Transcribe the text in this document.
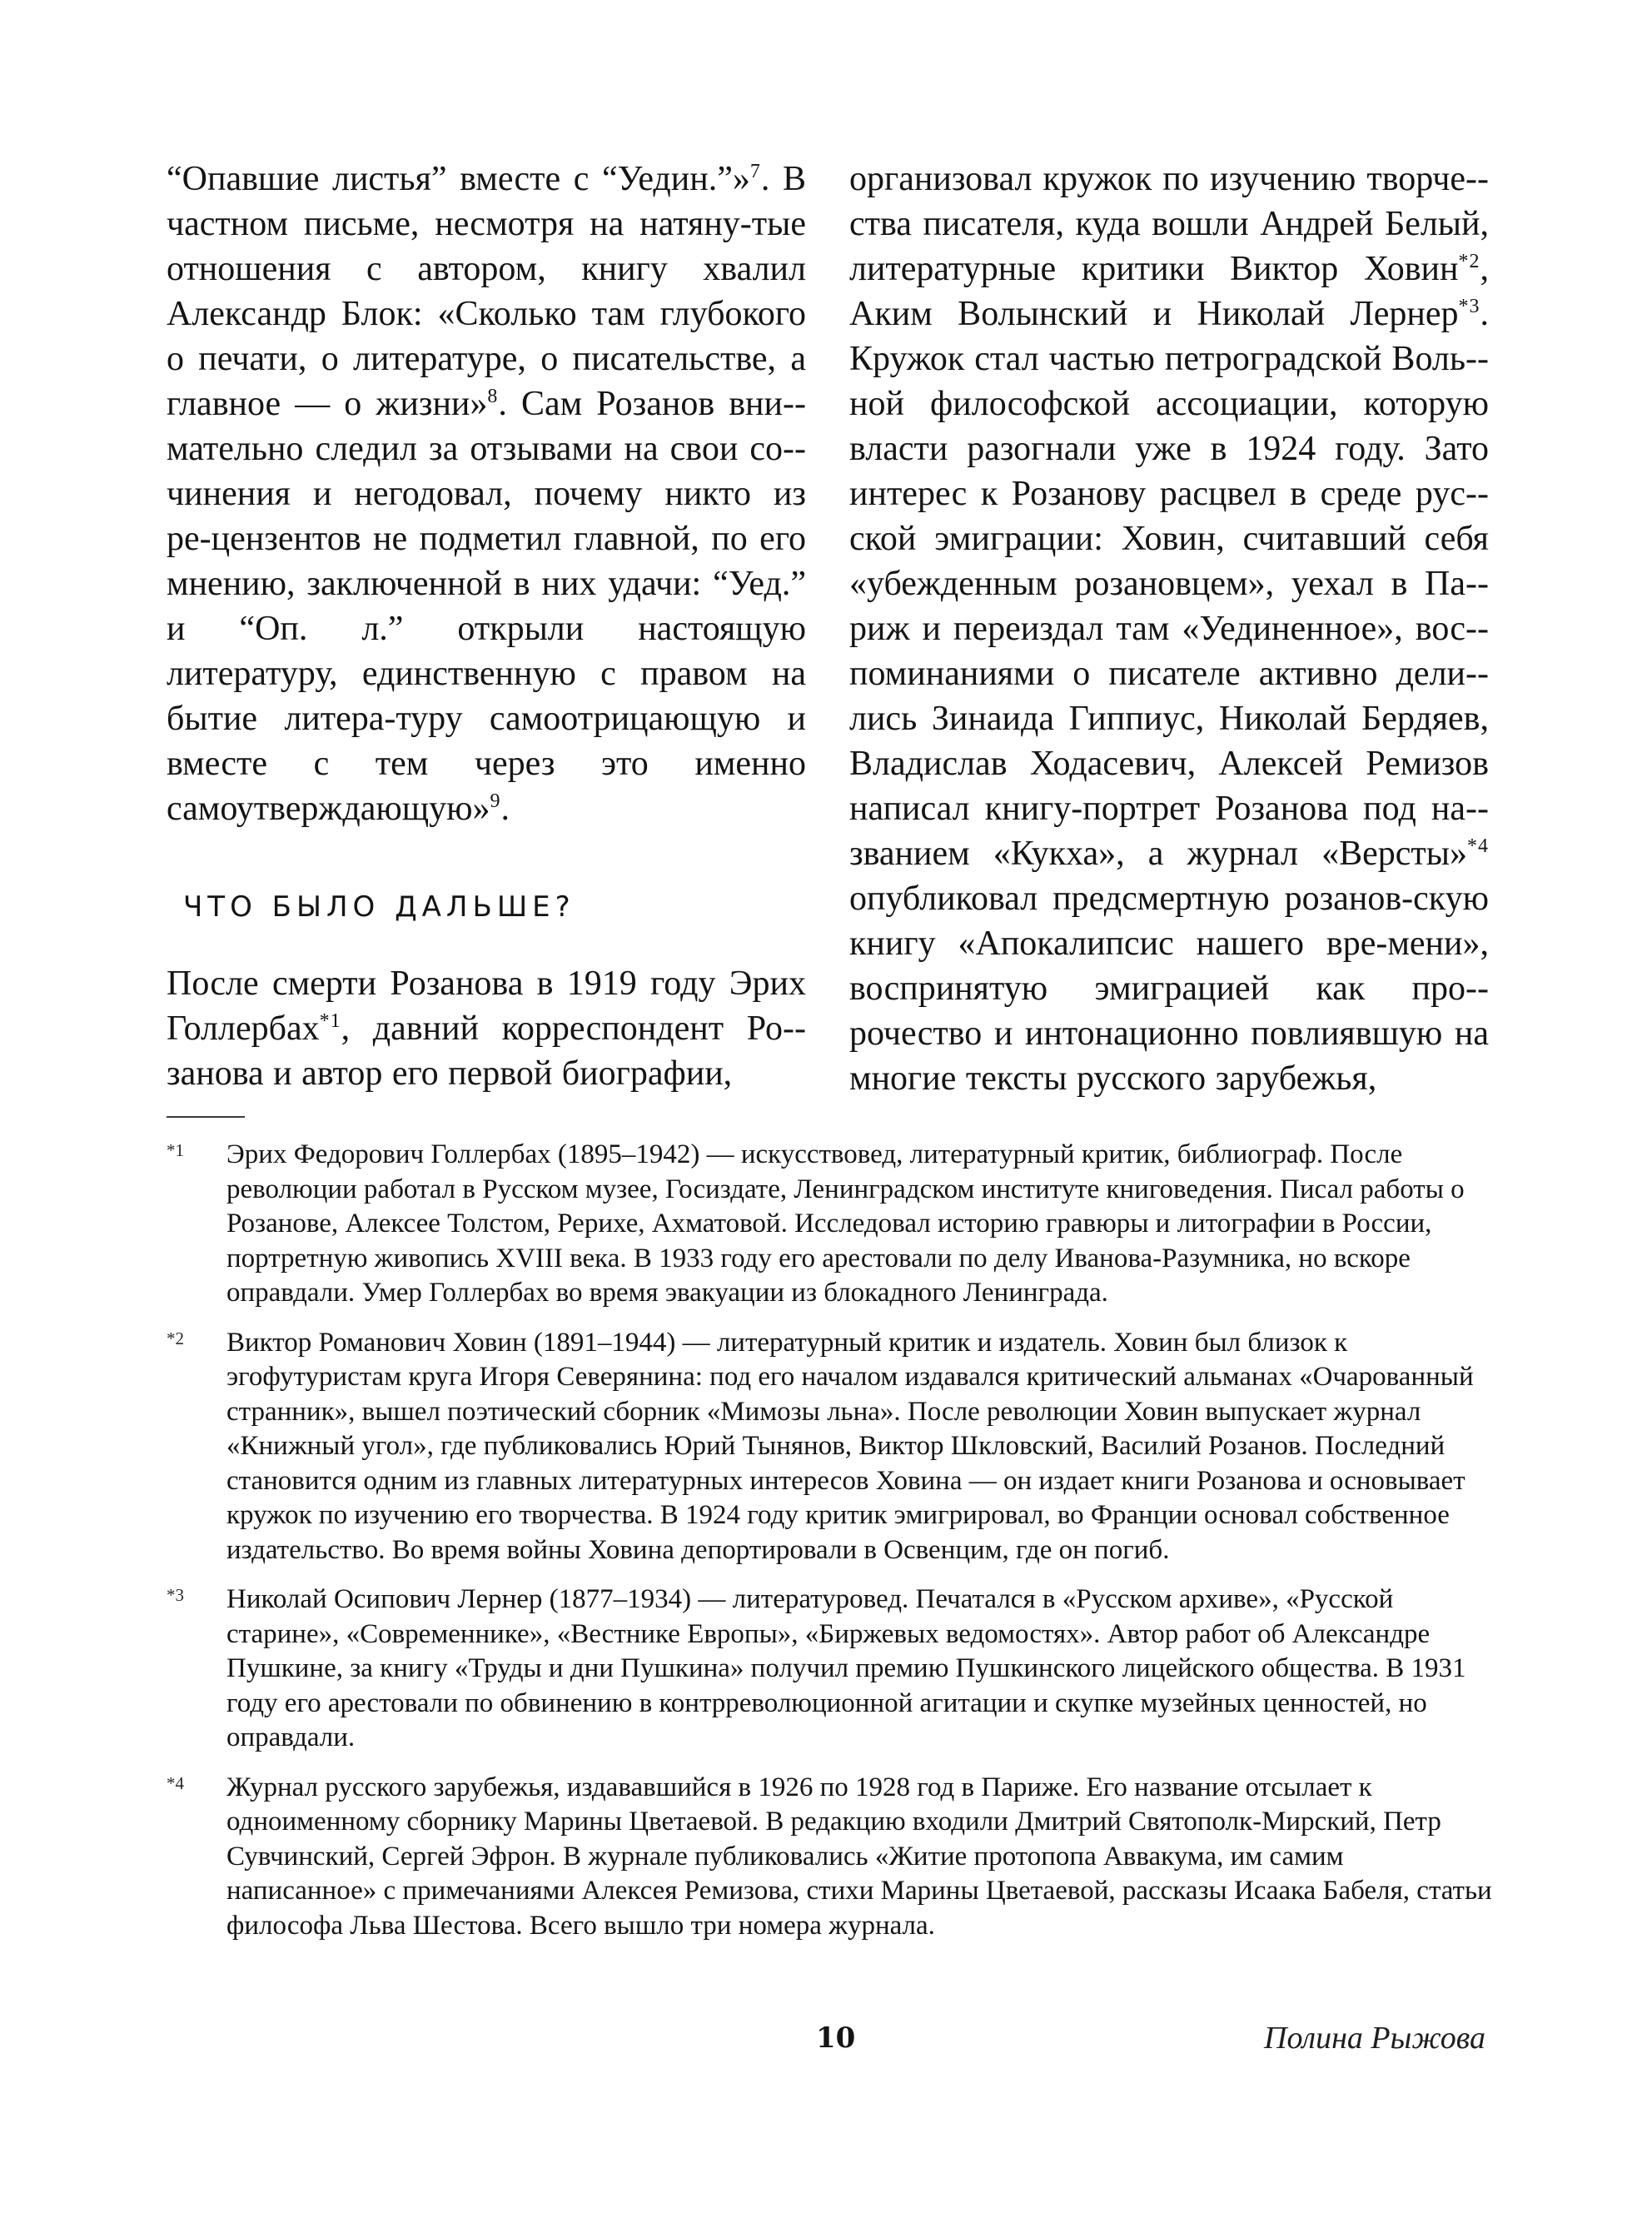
“Опавшие листья” вместе с “Уедин.”»$^7$. В частном письме, несмотря на натяну-тые отношения с автором, книгу хвалил Александр Блок: «Сколько там глубокого о печати, о литературе, о писательстве, а главное — о жизни»$^8$. Сам Розанов вни-мательно следил за отзывами на свои со-чинения и негодовал, почему никто из ре-цензентов не подметил главной, по его мнению, заключенной в них удачи: “Уед.” и “Оп. л.” открыли настоящую литературу, единственную с правом на бытие литера-туру самоотрицающую и вместе с тем через это именно самоутверждающую»$^9$.

ЧТО БЫЛО ДАЛЬШЕ?

После смерти Розанова в 1919 году Эрих Голлербах$^{*1}$, давний корреспондент Ро-занова и автор его первой биографии,

организовал кружок по изучению творче-ства писателя, куда вошли Андрей Белый, литературные критики Виктор Ховин$^{*2}$, Аким Волынский и Николай Лернер$^{*3}$. Кружок стал частью петроградской Воль-ной философской ассоциации, которую власти разогнали уже в 1924 году. Зато интерес к Розанову расцвел в среде рус-ской эмиграции: Ховин, считавший себя «убежденным розановцем», уехал в Па-риж и переиздал там «Уединенное», вос-поминаниями о писателе активно дели-лись Зинаида Гиппиус, Николай Бердяев, Владислав Ходасевич, Алексей Ремизов написал книгу-портрет Розанова под на-званием «Кукха», а журнал «Версты»$^{*4}$ опубликовал предсмертную розанов-скую книгу «Апокалипсис нашего вре-мени», воспринятую эмиграцией как про-рочество и интонационно повлиявшую на многие тексты русского зарубежья,

*1 Эрих Федорович Голлербах (1895–1942) — искусствовед, литературный критик, библиограф. После революции работал в Русском музее, Госиздате, Ленинградском институте книговедения. Писал работы о Розанове, Алексее Толстом, Рерихе, Ахматовой. Исследовал историю гравюры и литографии в России, портретную живопись XVIII века. В 1933 году его арестовали по делу Иванова-Разумника, но вскоре оправдали. Умер Голлербах во время эвакуации из блокадного Ленинграда.
*2 Виктор Романович Ховин (1891–1944) — литературный критик и издатель. Ховин был близок к эгофутуристам круга Игоря Северянина: под его началом издавался критический альманах «Очарованный странник», вышел поэтический сборник «Мимозы льна». После революции Ховин выпускает журнал «Книжный угол», где публиковались Юрий Тынянов, Виктор Шкловский, Василий Розанов. Последний становится одним из главных литературных интересов Ховина — он издает книги Розанова и основывает кружок по изучению его творчества. В 1924 году критик эмигрировал, во Франции основал собственное издательство. Во время войны Ховина депортировали в Освенцим, где он погиб.
*3 Николай Осипович Лернер (1877–1934) — литературовед. Печатался в «Русском архиве», «Русской старине», «Современнике», «Вестнике Европы», «Биржевых ведомостях». Автор работ об Александре Пушкине, за книгу «Труды и дни Пушкина» получил премию Пушкинского лицейского общества. В 1931 году его арестовали по обвинению в контрреволюционной агитации и скупке музейных ценностей, но оправдали.
*4 Журнал русского зарубежья, издававшийся в 1926 по 1928 год в Париже. Его название отсылает к одноименному сборнику Марины Цветаевой. В редакцию входили Дмитрий Святополк-Мирский, Петр Сувчинский, Сергей Эфрон. В журнале публиковались «Житие протопопа Аввакума, им самим написанное» с примечаниями Алексея Ремизова, стихи Марины Цветаевой, рассказы Исаака Бабеля, статьи философа Льва Шестова. Всего вышло три номера журнала.
10	Полина Рыжова
